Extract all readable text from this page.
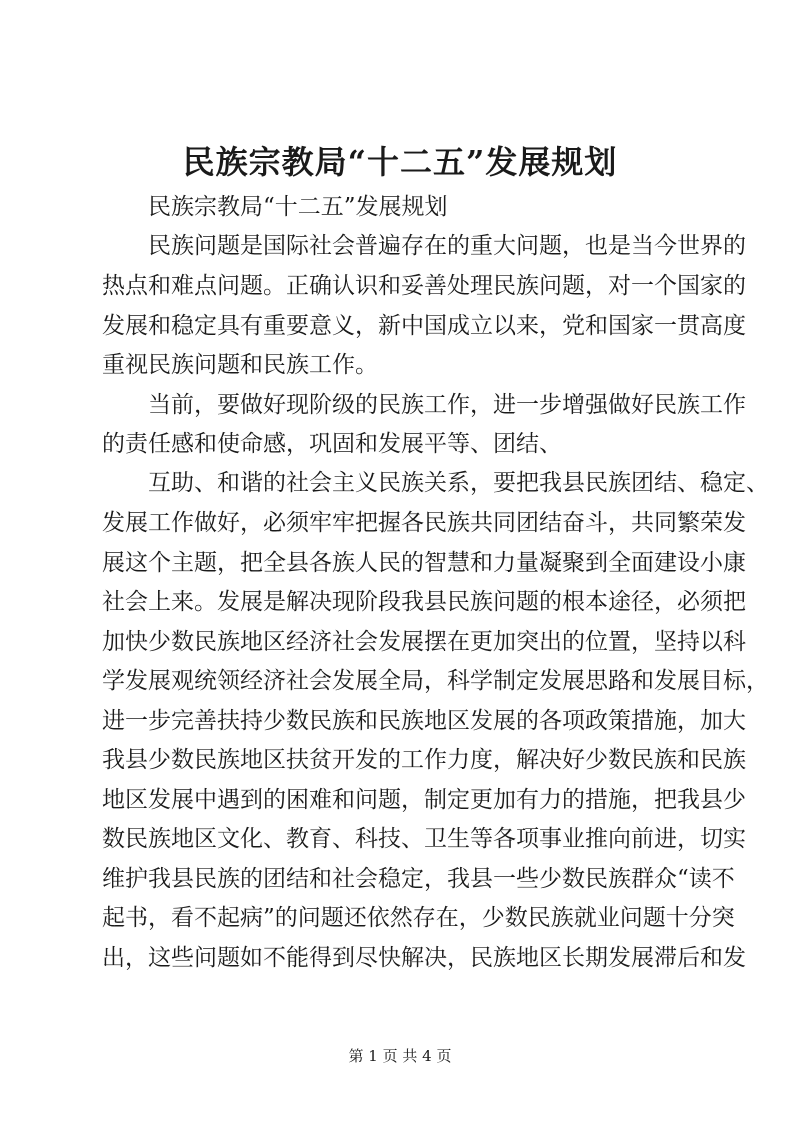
民族宗教局“十二五”发展规划
民族宗教局“十二五”发展规划
民族问题是国际社会普遍存在的重大问题，也是当今世界的
热点和难点问题。正确认识和妥善处理民族问题，对一个国家的
发展和稳定具有重要意义，新中国成立以来，党和国家一贯高度
重视民族问题和民族工作。
当前，要做好现阶级的民族工作，进一步增强做好民族工作
的责任感和使命感，巩固和发展平等、团结、
互助、和谐的社会主义民族关系，要把我县民族团结、稳定、
发展工作做好，必须牢牢把握各民族共同团结奋斗，共同繁荣发
展这个主题，把全县各族人民的智慧和力量凝聚到全面建设小康
社会上来。发展是解决现阶段我县民族问题的根本途径，必须把
加快少数民族地区经济社会发展摆在更加突出的位置，坚持以科
学发展观统领经济社会发展全局，科学制定发展思路和发展目标，
进一步完善扶持少数民族和民族地区发展的各项政策措施，加大
我县少数民族地区扶贫开发的工作力度，解决好少数民族和民族
地区发展中遇到的困难和问题，制定更加有力的措施，把我县少
数民族地区文化、教育、科技、卫生等各项事业推向前进，切实
维护我县民族的团结和社会稳定，我县一些少数民族群众“读不
起书，看不起病”的问题还依然存在，少数民族就业问题十分突
出，这些问题如不能得到尽快解决，民族地区长期发展滞后和发
第 1 页 共 4 页
